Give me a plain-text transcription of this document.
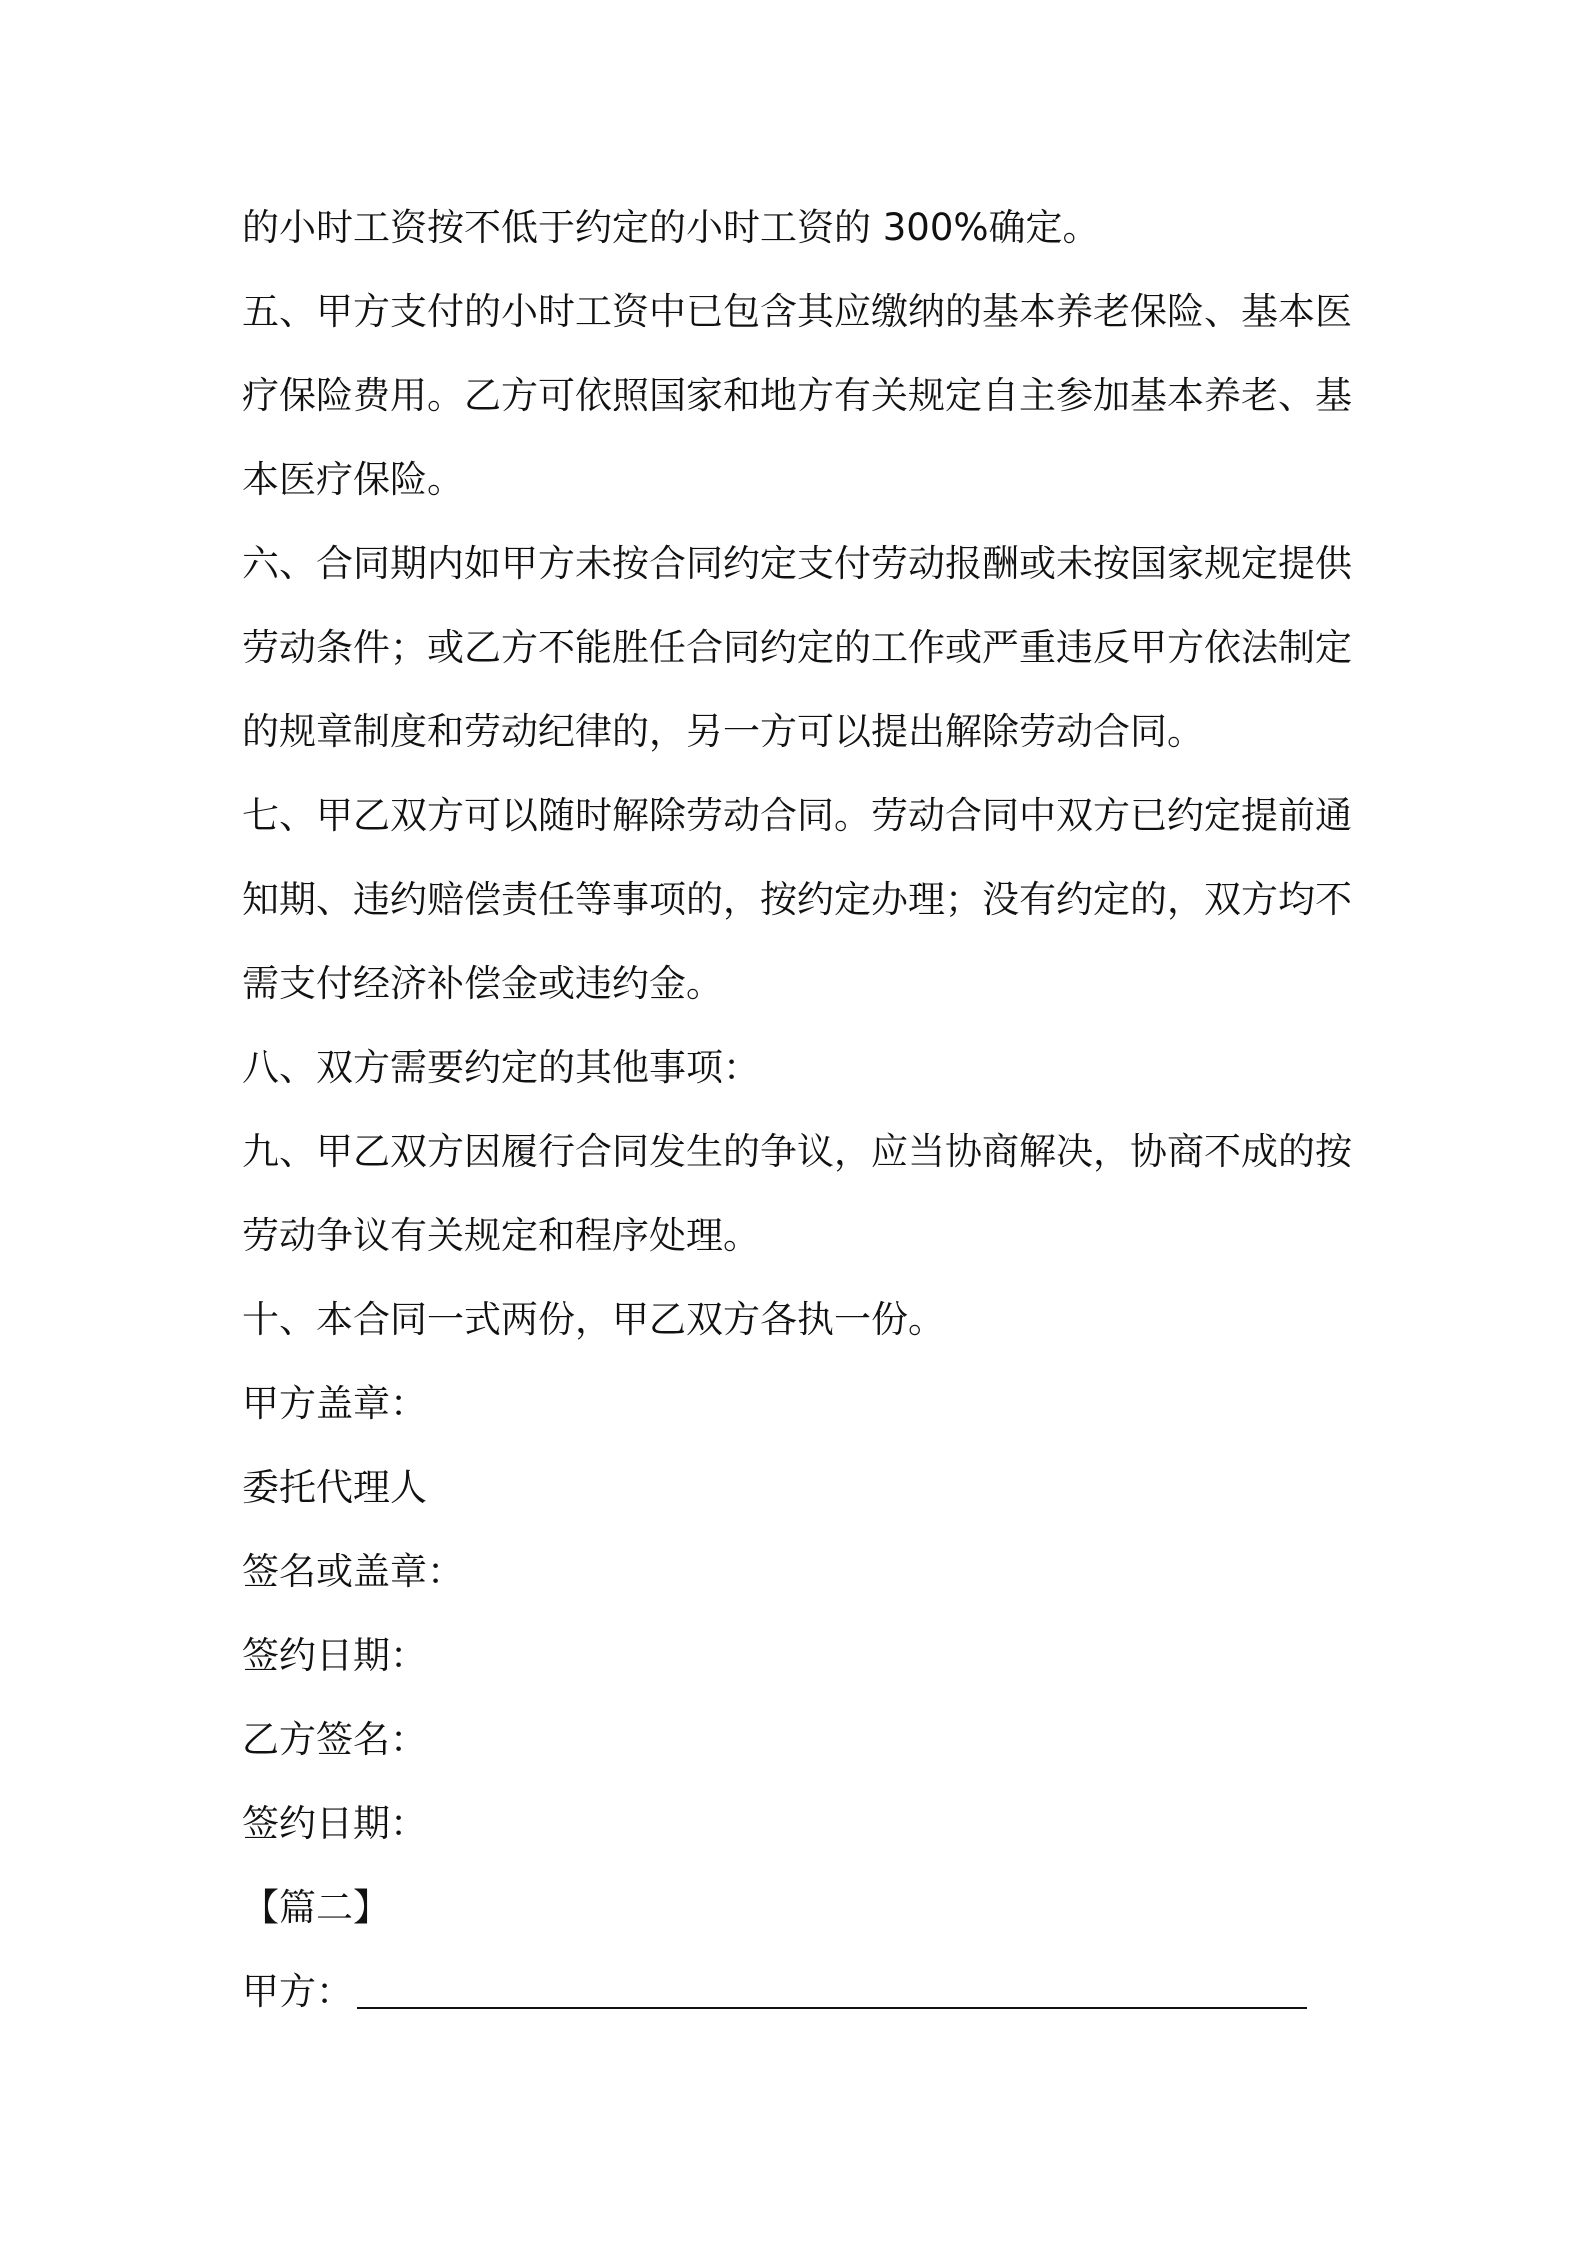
的小时工资按不低于约定的小时工资的 300%确定。
五、甲方支付的小时工资中已包含其应缴纳的基本养老保险、基本医
疗保险费用。乙方可依照国家和地方有关规定自主参加基本养老、基
本医疗保险。
六、合同期内如甲方未按合同约定支付劳动报酬或未按国家规定提供
劳动条件；或乙方不能胜任合同约定的工作或严重违反甲方依法制定
的规章制度和劳动纪律的，另一方可以提出解除劳动合同。
七、甲乙双方可以随时解除劳动合同。劳动合同中双方已约定提前通
知期、违约赔偿责任等事项的，按约定办理；没有约定的，双方均不
需支付经济补偿金或违约金。
八、双方需要约定的其他事项：
九、甲乙双方因履行合同发生的争议，应当协商解决，协商不成的按
劳动争议有关规定和程序处理。
十、本合同一式两份，甲乙双方各执一份。
甲方盖章：
委托代理人
签名或盖章：
签约日期：
乙方签名：
签约日期：
【篇二】
甲方：
